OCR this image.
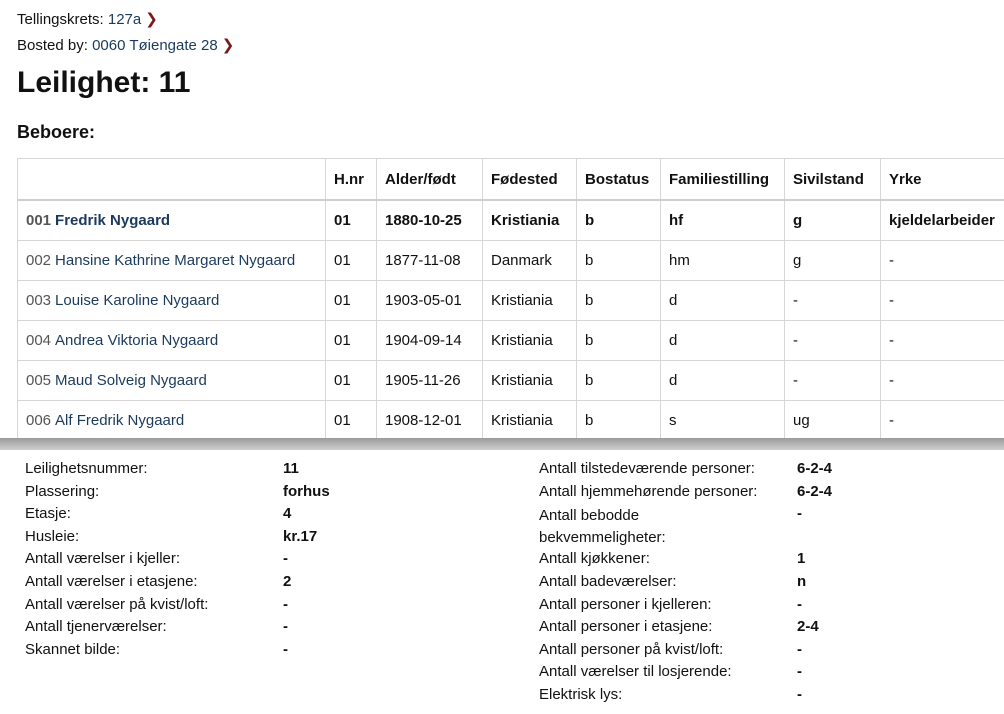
Tellingskrets: 127a ❯
Bosted by: 0060 Tøiengate 28 ❯
Leilighet: 11
Beboere:
	H.nr	Alder/født	Fødested	Bostatus	Familiestilling	Sivilstand	Yrke
001 Fredrik Nygaard	01	1880-10-25	Kristiania	b	hf	g	kjeldelarbeider
002 Hansine Kathrine Margaret Nygaard	01	1877-11-08	Danmark	b	hm	g	-
003 Louise Karoline Nygaard	01	1903-05-01	Kristiania	b	d	-	-
004 Andrea Viktoria Nygaard	01	1904-09-14	Kristiania	b	d	-	-
005 Maud Solveig Nygaard	01	1905-11-26	Kristiania	b	d	-	-
006 Alf Fredrik Nygaard	01	1908-12-01	Kristiania	b	s	ug	-
Leilighetsnummer:	11
Plassering:	forhus
Etasje:	4
Husleie:	kr.17
Antall værelser i kjeller:	-
Antall værelser i etasjene:	2
Antall værelser på kvist/loft:	-
Antall tjenerværelser:	-
Skannet bilde:	-
Antall tilstedeværende personer:	6-2-4
Antall hjemmehørende personer:	6-2-4
Antall bebodde bekvemmeligheter:
-
Antall kjøkkener:	1
Antall badeværelser:	n
Antall personer i kjelleren:	-
Antall personer i etasjene:	2-4
Antall personer på kvist/loft:	-
Antall værelser til losjerende:	-
Elektrisk lys:	-
